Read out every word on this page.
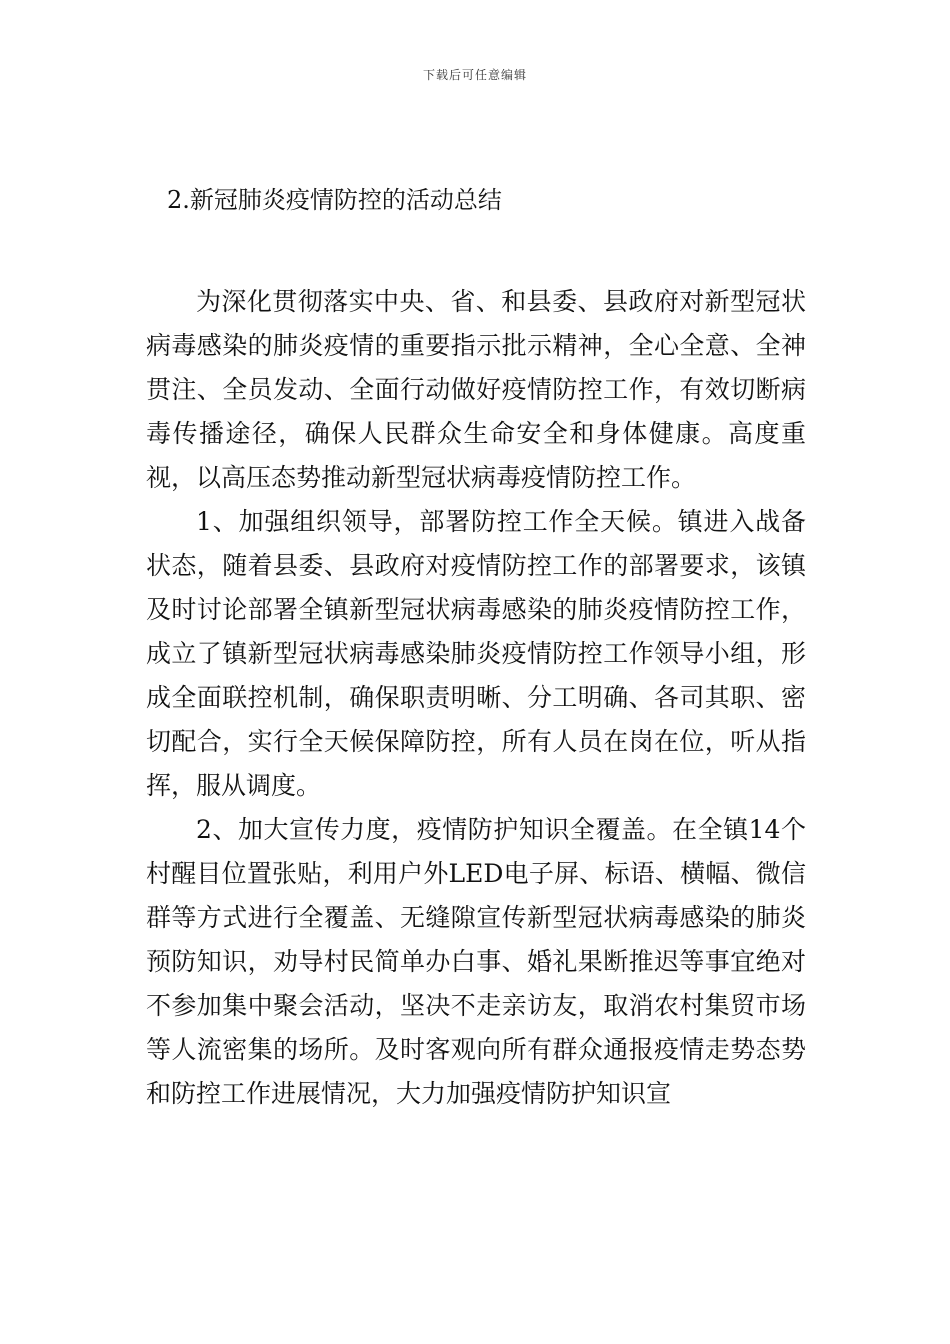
下载后可任意编辑
2.新冠肺炎疫情防控的活动总结

为深化贯彻落实中央、省、和县委、县政府对新型冠状病毒感染的肺炎疫情的重要指示批示精神，全心全意、全神贯注、全员发动、全面行动做好疫情防控工作，有效切断病毒传播途径，确保人民群众生命安全和身体健康。高度重视，以高压态势推动新型冠状病毒疫情防控工作。

1、加强组织领导，部署防控工作全天候。镇进入战备状态，随着县委、县政府对疫情防控工作的部署要求，该镇及时讨论部署全镇新型冠状病毒感染的肺炎疫情防控工作，成立了镇新型冠状病毒感染肺炎疫情防控工作领导小组，形成全面联控机制，确保职责明晰、分工明确、各司其职、密切配合，实行全天候保障防控，所有人员在岗在位，听从指挥，服从调度。

2、加大宣传力度，疫情防护知识全覆盖。在全镇14个村醒目位置张贴，利用户外LED电子屏、标语、横幅、微信群等方式进行全覆盖、无缝隙宣传新型冠状病毒感染的肺炎预防知识，劝导村民简单办白事、婚礼果断推迟等事宜绝对不参加集中聚会活动，坚决不走亲访友，取消农村集贸市场等人流密集的场所。及时客观向所有群众通报疫情走势态势和防控工作进展情况，大力加强疫情防护知识宣
